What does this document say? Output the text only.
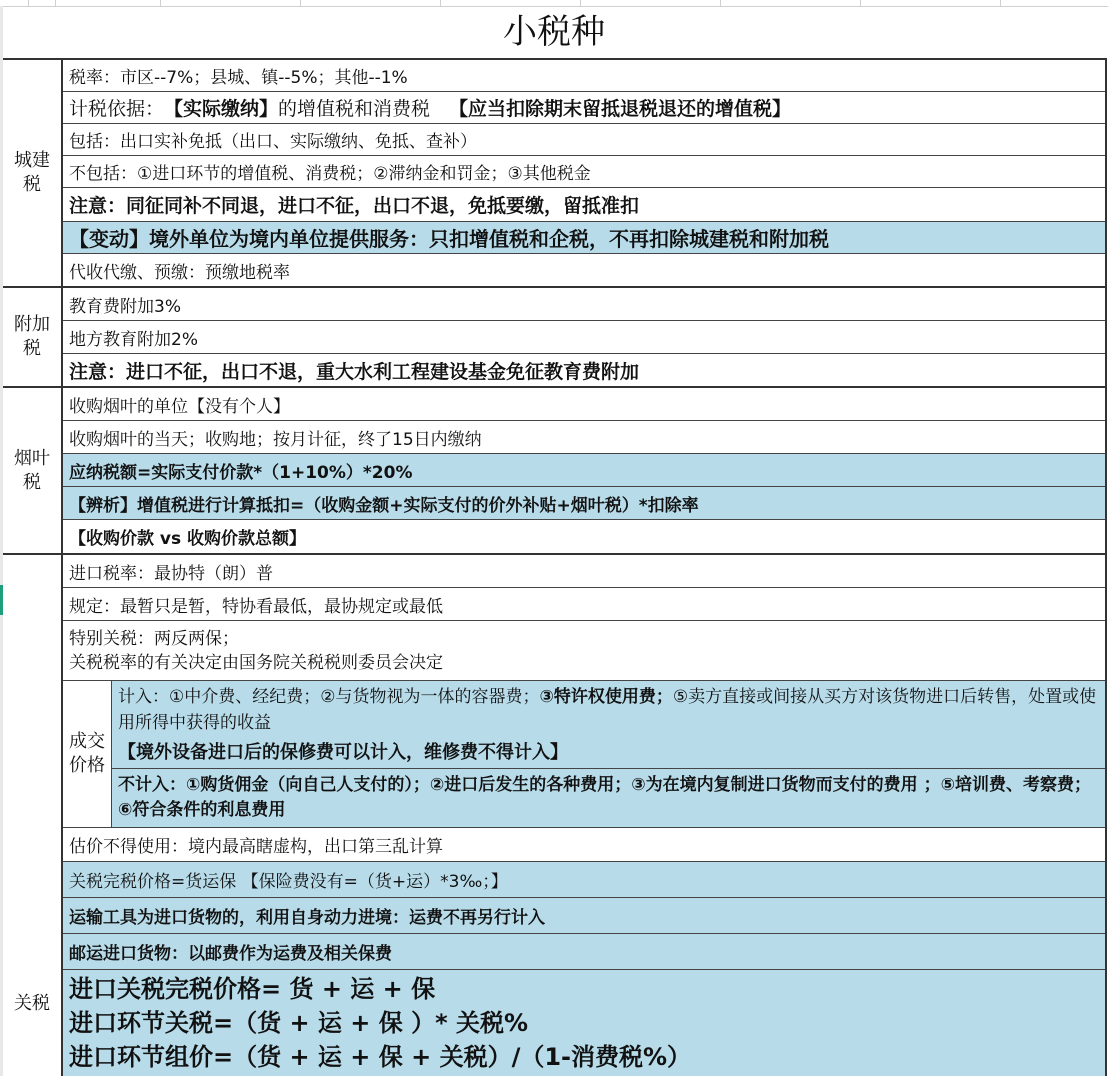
小税种
城建税
税率：市区--7%；县城、镇--5%；其他--1%
计税依据： 【实际缴纳】 的增值税和消费税　 【应当扣除期末留抵退税退还的增值税】
包括：出口实补免抵（出口、实际缴纳、免抵、查补）
不包括：①进口环节的增值税、消费税；②滞纳金和罚金；③其他税金
注意：同征同补不同退，进口不征，出口不退，免抵要缴，留抵准扣
【变动】境外单位为境内单位提供服务：只扣增值税和企税，不再扣除城建税和附加税
代收代缴、预缴：预缴地税率
附加税
教育费附加3%
地方教育附加2%
注意：进口不征，出口不退，重大水利工程建设基金免征教育费附加
烟叶税
收购烟叶的单位【没有个人】
收购烟叶的当天；收购地；按月计征，终了15日内缴纳
应纳税额=实际支付价款*（1+10%）*20%
【辨析】增值税进行计算抵扣=（收购金额+实际支付的价外补贴+烟叶税）*扣除率
【收购价款 vs 收购价款总额】
关税
进口税率：最协特（朗）普
规定：最暂只是暂，特协看最低，最协规定或最低
特别关税：两反两保；
关税税率的有关决定由国务院关税税则委员会决定
成交价格
计入：①中介费、经纪费；②与货物视为一体的容器费；③特许权使用费；⑤卖方直接或间接从买方对该货物进口后转售，处置或使用所得中获得的收益
【境外设备进口后的保修费可以计入，维修费不得计入】
不计入：①购货佣金（向自己人支付的）；②进口后发生的各种费用；③为在境内复制进口货物而支付的费用 ；⑤培训费、考察费；⑥符合条件的利息费用
估价不得使用：境内最高瞎虚构，出口第三乱计算
关税完税价格=货运保 【保险费没有=（货+运）*3‰；】
运输工具为进口货物的，利用自身动力进境：运费不再另行计入
邮运进口货物：以邮费作为运费及相关保费
进口关税完税价格= 货 + 运 + 保
进口环节关税=（货 + 运 + 保 ）* 关税%
进口环节组价=（货 + 运 + 保 + 关税）/（1-消费税%）
